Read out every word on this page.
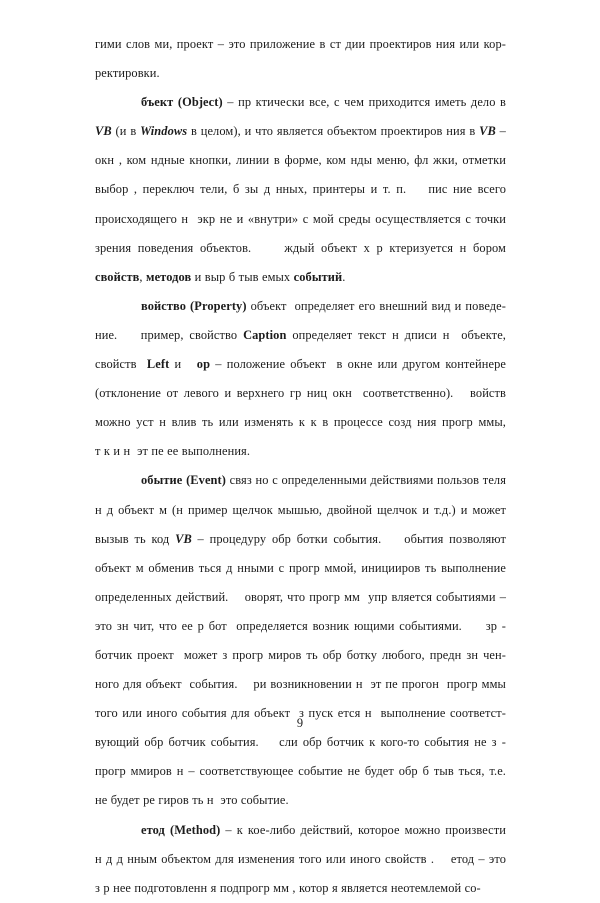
гими слов ми, проект – это приложение в ст дии проектиров ния или кор-
ректировки.

бъект (Object) – пр ктически все, с чем приходится иметь дело в
VB (и в Windows в целом), и что является объектом проектиров ния в VB –
окн , ком ндные кнопки, линии в форме, ком нды меню, фл жки, отметки
выбор , переключ тели, б зы д нных, принтеры и т. п.    пис ние всего
происходящего н  экр не и «внутри» с мой среды осуществляется с точки
зрения поведения объектов.     ждый объект х р ктеризуется н бором
свойств, методов и выр б тыв емых событий.

войство (Property) объект  определяет его внешний вид и поведе-
ние.    пример, свойство Caption определяет текст н дписи н  объекте,
свойств  Left и   ор – положение объект  в окне или другом контейнере
(отклонение от левого и верхнего гр ниц окн  соответственно).   войств
можно уст н влив ть или изменять к к в процессе созд ния прогр ммы,
т к и н  эт пе ее выполнения.

обытие (Event) связ но с определенными действиями пользов теля
н д объект м (н пример щелчок мышью, двойной щелчок и т.д.) и может
вызыв ть код VB – процедуру обр ботки события.    обытия позволяют
объект м обменив ться д нными с прогр ммой, иницииров ть выполнение
определенных действий.    оворят, что прогр мм  упр вляется событиями –
это зн чит, что ее р бот  определяется возник ющими событиями.     зр -
ботчик проект  может з прогр миров ть обр ботку любого, предн зн чен-
ного для объект  события.    ри возникновении н  эт пе прогон  прогр ммы
того или иного события для объект  з пуск ется н  выполнение соответст-
вующий обр ботчик события.    сли обр ботчик к кого-то события не з -
прогр ммиров н – соответствующее событие не будет обр б тыв ться, т.е.
не будет ре гиров ть н  это событие.

етод (Method) – к кое-либо действий, которое можно произвести
н д д нным объектом для изменения того или иного свойств .    етод – это
з р нее подготовленн я подпрогр мм , котор я является неотемлемой со-

9
